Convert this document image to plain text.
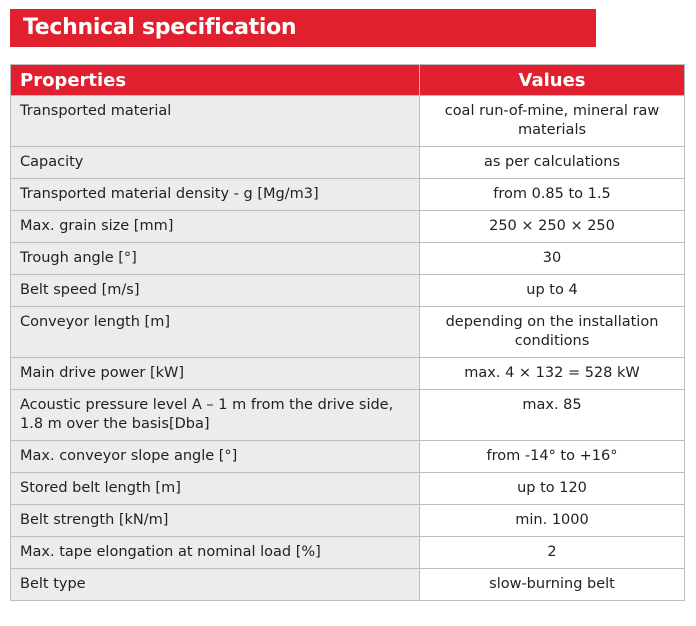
Technical specification
Properties	Values
Transported material	coal run-of-mine, mineral raw materials
Capacity	as per calculations
Transported material density - g [Mg/m3]	from 0.85 to 1.5
Max. grain size [mm]	250 × 250 × 250
Trough angle [°]	30
Belt speed [m/s]	up to 4
Conveyor length [m]	depending on the installation conditions
Main drive power [kW]	max. 4 × 132 = 528 kW
Acoustic pressure level A – 1 m from the drive side, 1.8 m over the basis[Dba]	max. 85
Max. conveyor slope angle [°]	from -14° to +16°
Stored belt length [m]	up to 120
Belt strength [kN/m]	min. 1000
Max. tape elongation at nominal load [%]	2
Belt type	slow-burning belt
